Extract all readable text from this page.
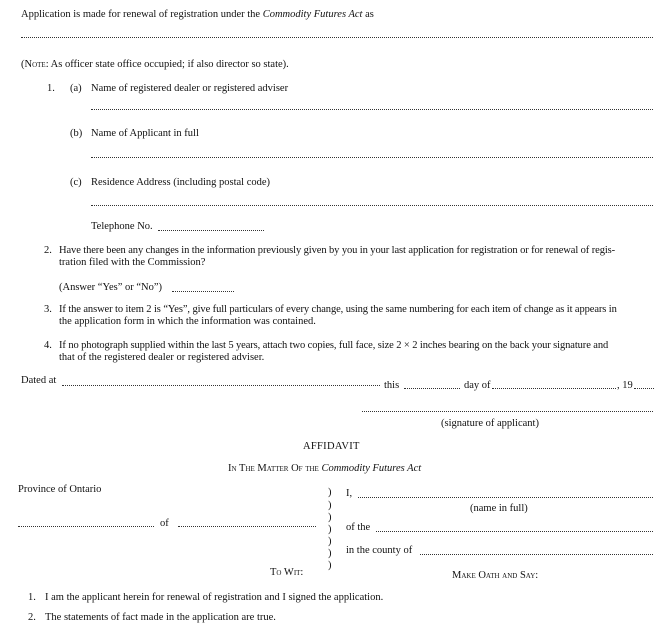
Application is made for renewal of registration under the Commodity Futures Act as
(Note: As officer state office occupied; if also director so state).
1. (a) Name of registered dealer or registered adviser
(b) Name of Applicant in full
(c) Residence Address (including postal code)
Telephone No.
2. Have there been any changes in the information previously given by you in your last application for registration or for renewal of regis-
tration filed with the Commission?
(Answer “Yes” or “No”)
3. If the answer to item 2 is “Yes”, give full particulars of every change, using the same numbering for each item of change as it appears in
the application form in which the information was contained.
4. If no photograph supplied within the last 5 years, attach two copies, full face, size 2 × 2 inches bearing on the back your signature and
that of the registered dealer or registered adviser.
Dated at	this	day of	, 19
(signature of applicant)
AFFIDAVIT
In The Matter Of the Commodity Futures Act
Province of Ontario
of
)
)
)
)
)
)
)
I,
(name in full)
of the
in the county of
To Wit:	Make Oath and Say:
1. I am the applicant herein for renewal of registration and I signed the application.
2. The statements of fact made in the application are true.
